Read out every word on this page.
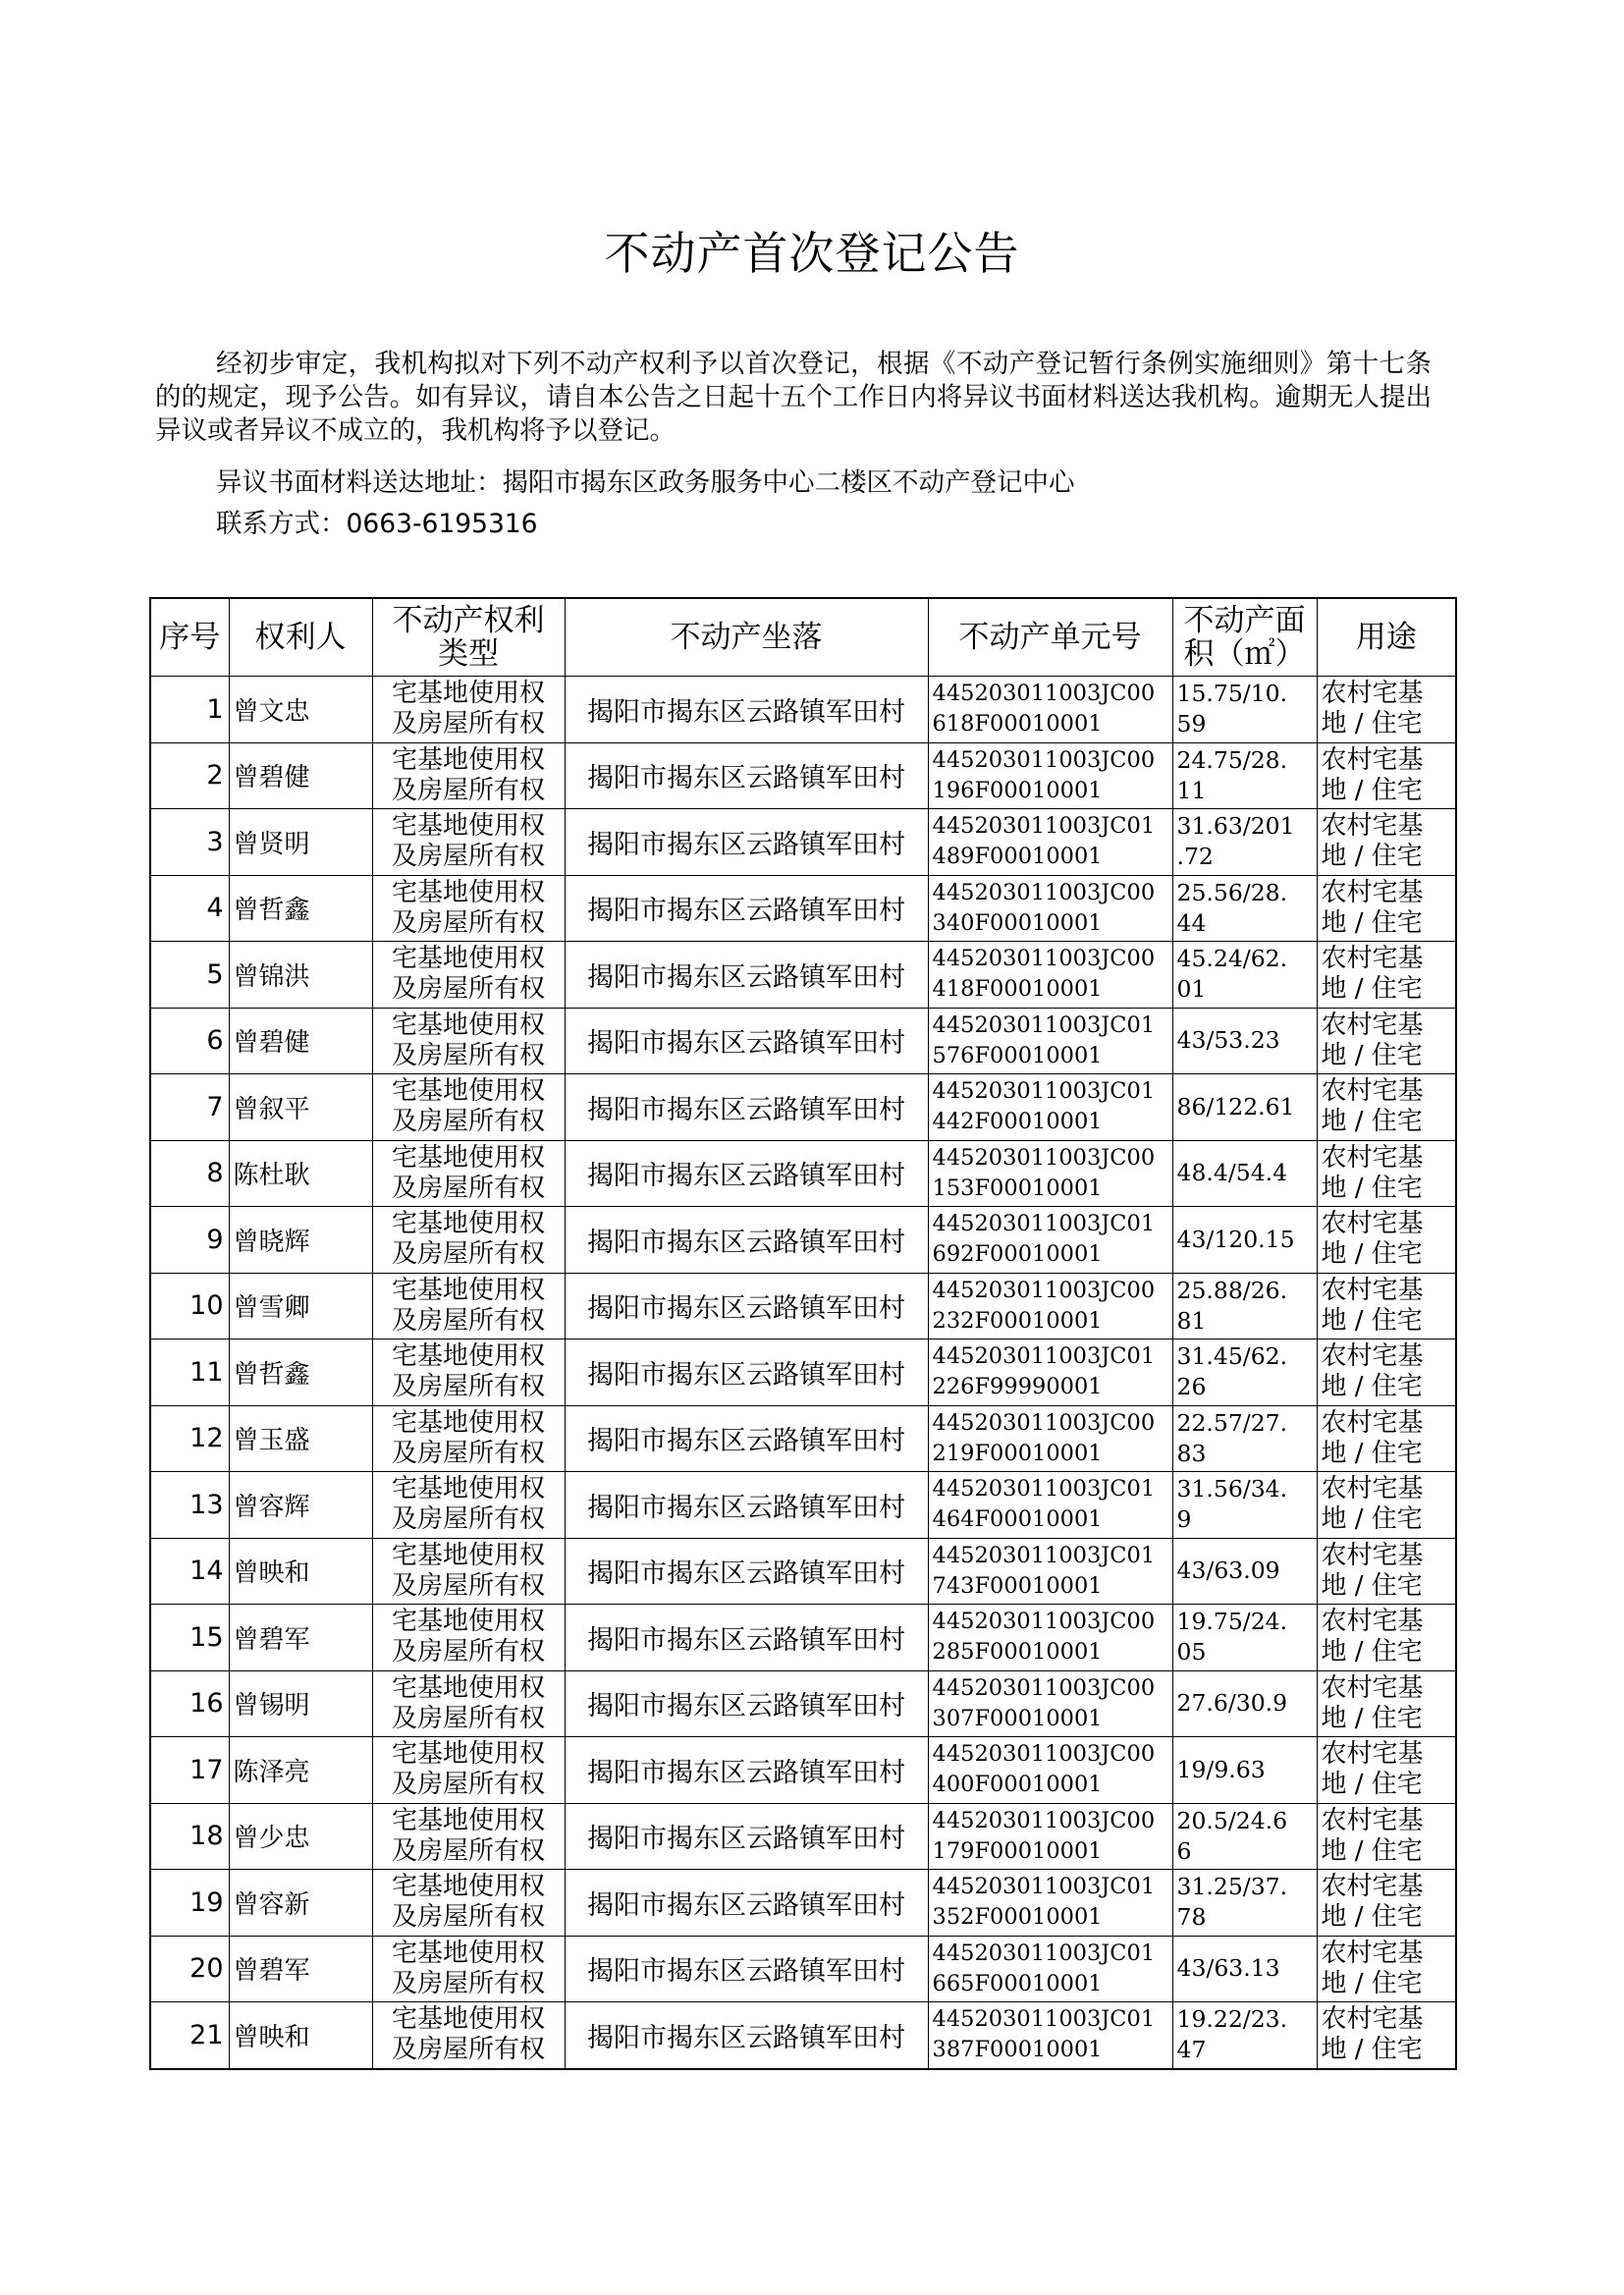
不动产首次登记公告

经初步审定，我机构拟对下列不动产权利予以首次登记，根据《不动产登记暂行条例实施细则》第十七条的的规定，现予公告。如有异议，请自本公告之日起十五个工作日内将异议书面材料送达我机构。逾期无人提出异议或者异议不成立的，我机构将予以登记。

异议书面材料送达地址：揭阳市揭东区政务服务中心二楼区不动产登记中心

联系方式：0663-6195316

序号	权利人	不动产权利
类型	不动产坐落	不动产单元号	不动产面
积（㎡）	用途
1	曾文忠	宅基地使用权
及房屋所有权	揭阳市揭东区云路镇军田村	445203011003JC00
618F00010001	15.75/10.
59	农村宅基
地 / 住宅

2	曾碧健	宅基地使用权
及房屋所有权	揭阳市揭东区云路镇军田村	445203011003JC00
196F00010001	24.75/28.
11	农村宅基
地 / 住宅

3	曾贤明	宅基地使用权
及房屋所有权	揭阳市揭东区云路镇军田村	445203011003JC01
489F00010001	31.63/201
.72	农村宅基
地 / 住宅

4	曾哲鑫	宅基地使用权
及房屋所有权	揭阳市揭东区云路镇军田村	445203011003JC00
340F00010001	25.56/28.
44	农村宅基
地 / 住宅

5	曾锦洪	宅基地使用权
及房屋所有权	揭阳市揭东区云路镇军田村	445203011003JC00
418F00010001	45.24/62.
01	农村宅基
地 / 住宅

6	曾碧健	宅基地使用权
及房屋所有权	揭阳市揭东区云路镇军田村	445203011003JC01
576F00010001	43/53.23	农村宅基
地 / 住宅

7	曾叙平	宅基地使用权
及房屋所有权	揭阳市揭东区云路镇军田村	445203011003JC01
442F00010001	86/122.61	农村宅基
地 / 住宅

8	陈杜耿	宅基地使用权
及房屋所有权	揭阳市揭东区云路镇军田村	445203011003JC00
153F00010001	48.4/54.4	农村宅基
地 / 住宅

9	曾晓辉	宅基地使用权
及房屋所有权	揭阳市揭东区云路镇军田村	445203011003JC01
692F00010001	43/120.15	农村宅基
地 / 住宅

10	曾雪卿	宅基地使用权
及房屋所有权	揭阳市揭东区云路镇军田村	445203011003JC00
232F00010001	25.88/26.
81	农村宅基
地 / 住宅

11	曾哲鑫	宅基地使用权
及房屋所有权	揭阳市揭东区云路镇军田村	445203011003JC01
226F99990001	31.45/62.
26	农村宅基
地 / 住宅

12	曾玉盛	宅基地使用权
及房屋所有权	揭阳市揭东区云路镇军田村	445203011003JC00
219F00010001	22.57/27.
83	农村宅基
地 / 住宅

13	曾容辉	宅基地使用权
及房屋所有权	揭阳市揭东区云路镇军田村	445203011003JC01
464F00010001	31.56/34.
9	农村宅基
地 / 住宅

14	曾映和	宅基地使用权
及房屋所有权	揭阳市揭东区云路镇军田村	445203011003JC01
743F00010001	43/63.09	农村宅基
地 / 住宅

15	曾碧军	宅基地使用权
及房屋所有权	揭阳市揭东区云路镇军田村	445203011003JC00
285F00010001	19.75/24.
05	农村宅基
地 / 住宅

16	曾锡明	宅基地使用权
及房屋所有权	揭阳市揭东区云路镇军田村	445203011003JC00
307F00010001	27.6/30.9	农村宅基
地 / 住宅

17	陈泽亮	宅基地使用权
及房屋所有权	揭阳市揭东区云路镇军田村	445203011003JC00
400F00010001	19/9.63	农村宅基
地 / 住宅

18	曾少忠	宅基地使用权
及房屋所有权	揭阳市揭东区云路镇军田村	445203011003JC00
179F00010001	20.5/24.6
6	农村宅基
地 / 住宅

19	曾容新	宅基地使用权
及房屋所有权	揭阳市揭东区云路镇军田村	445203011003JC01
352F00010001	31.25/37.
78	农村宅基
地 / 住宅

20	曾碧军	宅基地使用权
及房屋所有权	揭阳市揭东区云路镇军田村	445203011003JC01
665F00010001	43/63.13	农村宅基
地 / 住宅

21	曾映和	宅基地使用权
及房屋所有权	揭阳市揭东区云路镇军田村	445203011003JC01
387F00010001	19.22/23.
47	农村宅基
地 / 住宅
